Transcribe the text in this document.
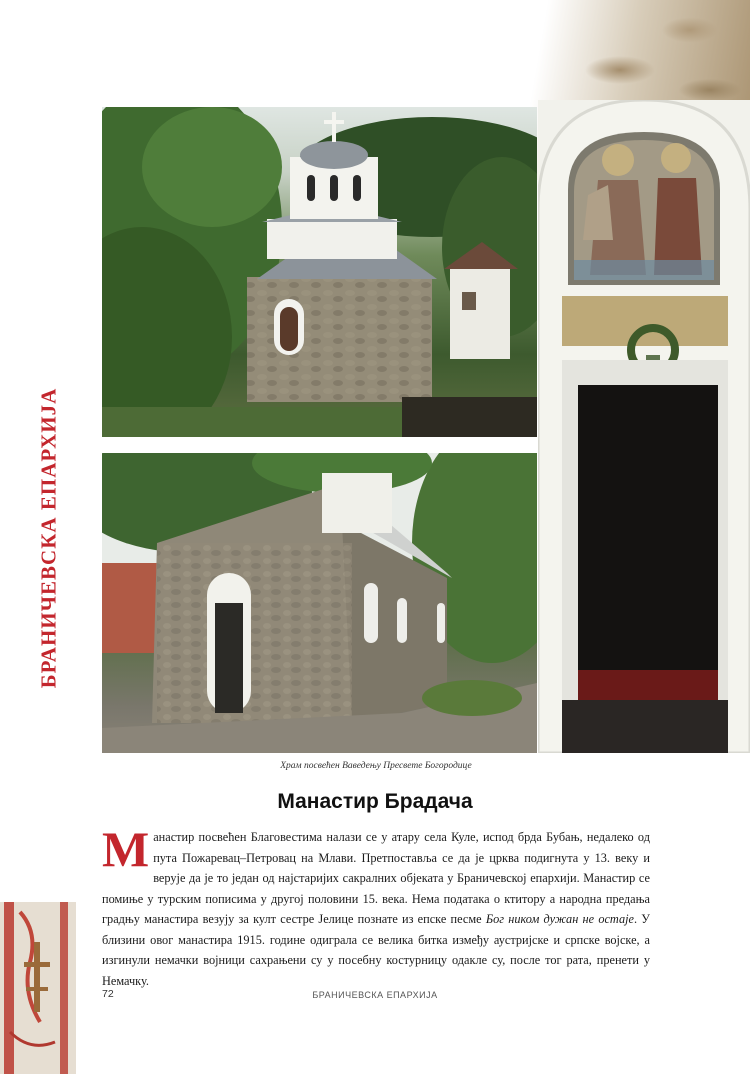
БРАНИЧЕВСКА ЕПАРХИЈА
Храм посвећен Ваведењу Пресвете Богородице
Манастир Брадача
Mанастир посвећен Благовестима налази се у атару села Куле, испод брда Бубањ, недалеко од пута Пожаревац–Петровац на Млави. Претпоставља се да је црква подигнута у 13. веку и верује да је то један од најстаријих сакралних објеката у Браничевској епархији. Манастир се помиње у турским пописима у другој половини 15. века. Нема података о ктитору а народна предања градњу манастира везују за култ сестре Јелице познате из епске песме Бог ником дужан не остаје. У близини овог манастира 1915. године одиграла се велика битка између аустријске и српске војске, а изгинули немачки војници сахрањени су у посебну костурницу одакле су, после тог рата, пренети у Немачку.
72	БРАНИЧЕВСКА ЕПАРХИЈА
